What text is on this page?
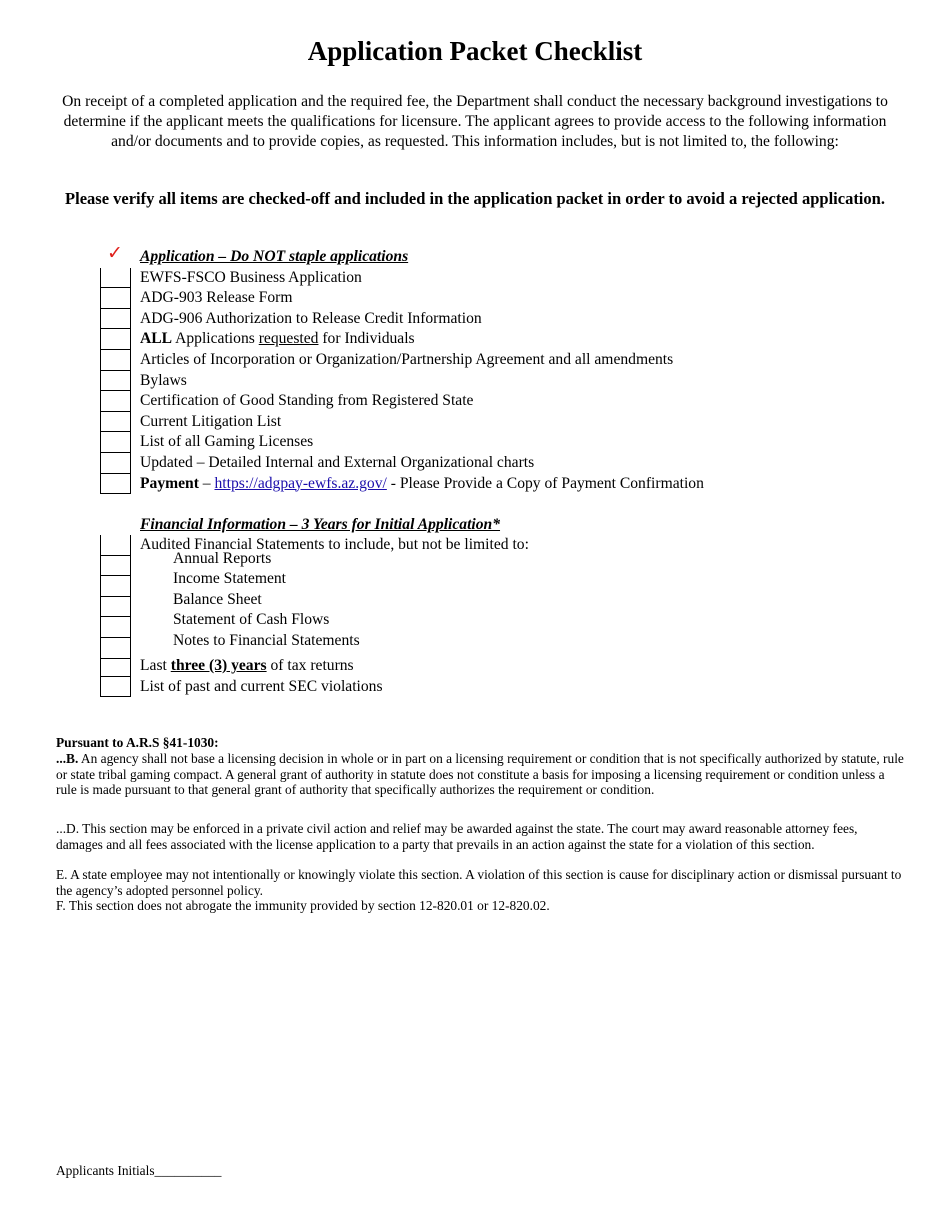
Application Packet Checklist

On receipt of a completed application and the required fee, the Department shall conduct the necessary background investigations to determine if the applicant meets the qualifications for licensure. The applicant agrees to provide access to the following information and/or documents and to provide copies, as requested. This information includes, but is not limited to, the following:

Please verify all items are checked-off and included in the application packet in order to avoid a rejected application.

✓ Application – Do NOT staple applications
EWFS-FSCO Business Application
ADG-903 Release Form
ADG-906 Authorization to Release Credit Information
ALL Applications requested for Individuals
Articles of Incorporation or Organization/Partnership Agreement and all amendments
Bylaws
Certification of Good Standing from Registered State
Current Litigation List
List of all Gaming Licenses
Updated – Detailed Internal and External Organizational charts
Payment – https://adgpay-ewfs.az.gov/ - Please Provide a Copy of Payment Confirmation
Financial Information – 3 Years for Initial Application*
Audited Financial Statements to include, but not be limited to:
Annual Reports
Income Statement
Balance Sheet
Statement of Cash Flows
Notes to Financial Statements
Last three (3) years of tax returns
List of past and current SEC violations

Pursuant to A.R.S §41-1030:

...B. An agency shall not base a licensing decision in whole or in part on a licensing requirement or condition that is not specifically authorized by statute, rule or state tribal gaming compact. A general grant of authority in statute does not constitute a basis for imposing a licensing requirement or condition unless a rule is made pursuant to that general grant of authority that specifically authorizes the requirement or condition.

...D. This section may be enforced in a private civil action and relief may be awarded against the state. The court may award reasonable attorney fees, damages and all fees associated with the license application to a party that prevails in an action against the state for a violation of this section.

E. A state employee may not intentionally or knowingly violate this section. A violation of this section is cause for disciplinary action or dismissal pursuant to the agency’s adopted personnel policy.

F. This section does not abrogate the immunity provided by section 12-820.01 or 12-820.02.

Applicants Initials__________
